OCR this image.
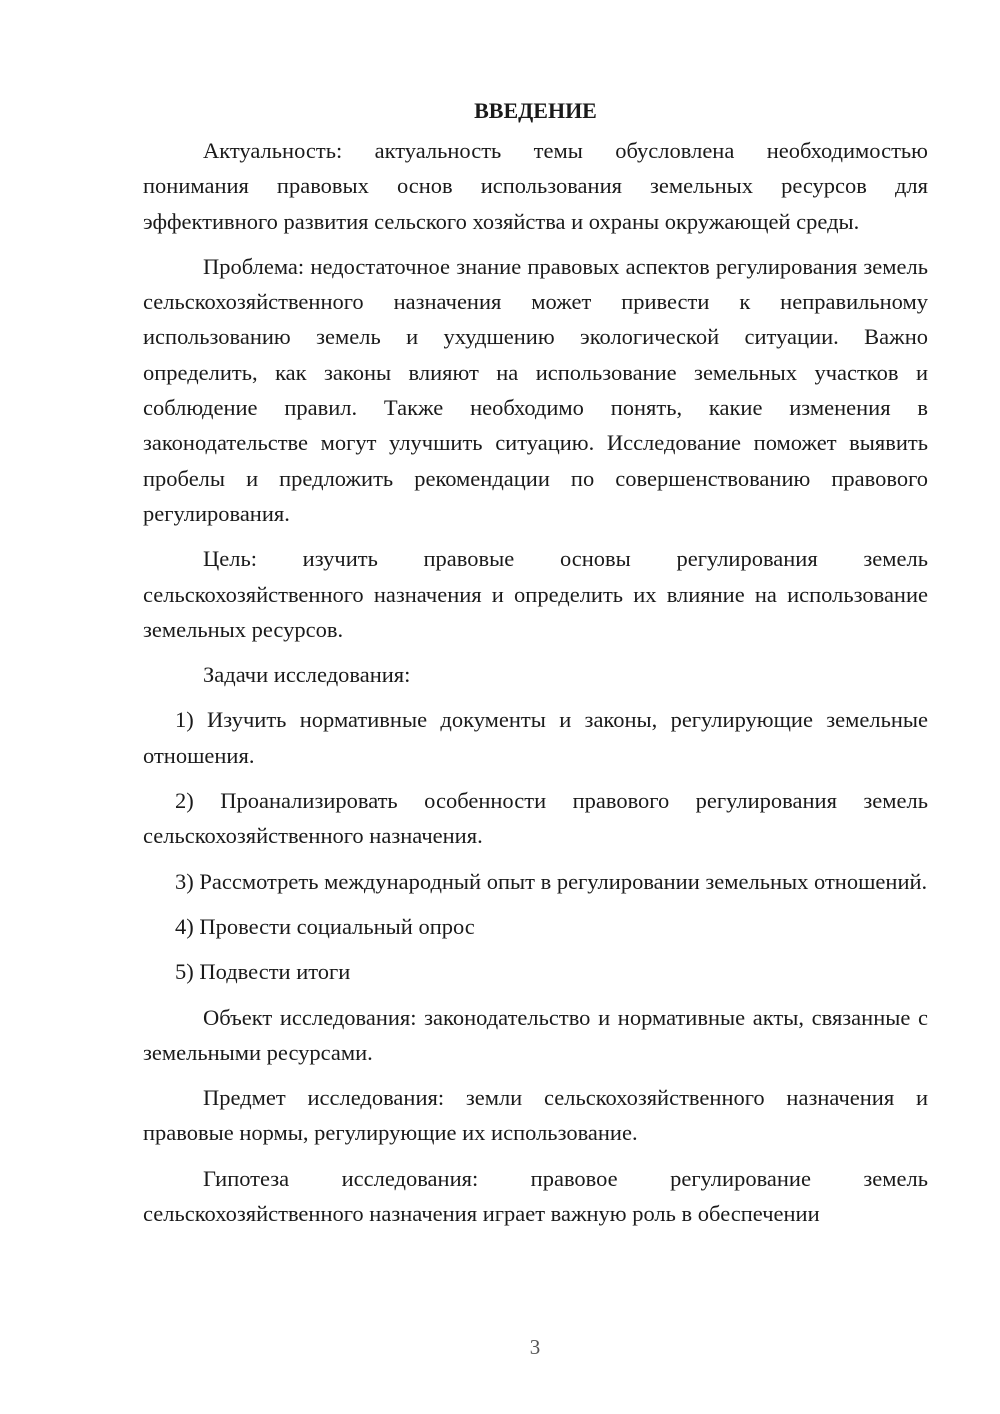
ВВЕДЕНИЕ

Актуальность: актуальность темы обусловлена необходимостью понимания правовых основ использования земельных ресурсов для эффективного развития сельского хозяйства и охраны окружающей среды.

Проблема: недостаточное знание правовых аспектов регулирования земель сельскохозяйственного назначения может привести к неправильному использованию земель и ухудшению экологической ситуации. Важно определить, как законы влияют на использование земельных участков и соблюдение правил. Также необходимо понять, какие изменения в законодательстве могут улучшить ситуацию. Исследование поможет выявить пробелы и предложить рекомендации по совершенствованию правового регулирования.

Цель: изучить правовые основы регулирования земель сельскохозяйственного назначения и определить их влияние на использование земельных ресурсов.

Задачи исследования:

1) Изучить нормативные документы и законы, регулирующие земельные отношения.

2) Проанализировать особенности правового регулирования земель сельскохозяйственного назначения.

3) Рассмотреть международный опыт в регулировании земельных отношений.

4) Провести социальный опрос

5) Подвести итоги

Объект исследования: законодательство и нормативные акты, связанные с земельными ресурсами.

Предмет исследования: земли сельскохозяйственного назначения и правовые нормы, регулирующие их использование.

Гипотеза исследования: правовое регулирование земель сельскохозяйственного назначения играет важную роль в обеспечении

3
